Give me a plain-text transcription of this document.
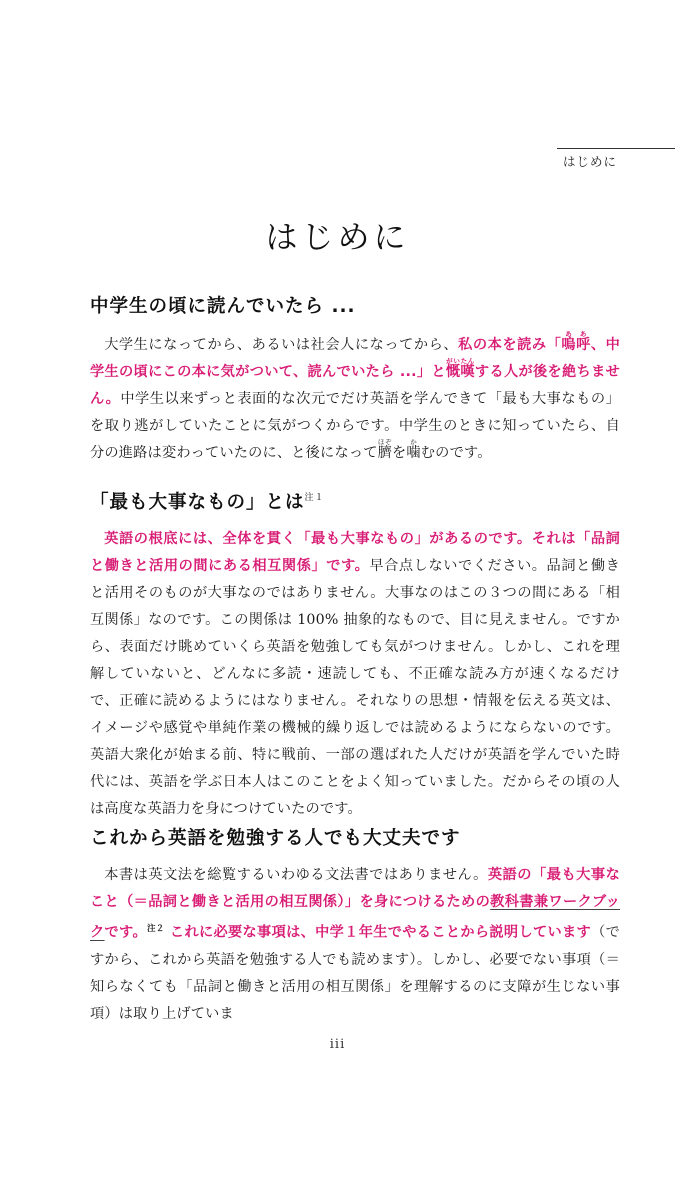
はじめに
はじめに
中学生の頃に読んでいたら ...

大学生になってから、あるいは社会人になってから、私の本を読み「嗚呼ああ、中学生の頃にこの本に気がついて、読んでいたら ...」と慨嘆がいたんする人が後を絶ちません。中学生以来ずっと表面的な次元でだけ英語を学んできて「最も大事なもの」を取り逃がしていたことに気がつくからです。中学生のときに知っていたら、自分の進路は変わっていたのに、と後になって臍ほぞを噛かむのです。

「最も大事なもの」とは$^{注1}$

英語の根底には、全体を貫く「最も大事なもの」があるのです。それは「品詞と働きと活用の間にある相互関係」です。早合点しないでください。品詞と働きと活用そのものが大事なのではありません。大事なのはこの３つの間にある「相互関係」なのです。この関係は 100% 抽象的なもので、目に見えません。ですから、表面だけ眺めていくら英語を勉強しても気がつけません。しかし、これを理解していないと、どんなに多読・速読しても、不正確な読み方が速くなるだけで、正確に読めるようにはなりません。それなりの思想・情報を伝える英文は、イメージや感覚や単純作業の機械的繰り返しでは読めるようにならないのです。英語大衆化が始まる前、特に戦前、一部の選ばれた人だけが英語を学んでいた時代には、英語を学ぶ日本人はこのことをよく知っていました。だからその頃の人は高度な英語力を身につけていたのです。

これから英語を勉強する人でも大丈夫です

本書は英文法を総覧するいわゆる文法書ではありません。英語の「最も大事なこと（＝品詞と働きと活用の相互関係）」を身につけるための教科書兼ワークブックです。$^{注2}$ これに必要な事項は、中学１年生でやることから説明しています（ですから、これから英語を勉強する人でも読めます）。しかし、必要でない事項（＝知らなくても「品詞と働きと活用の相互関係」を理解するのに支障が生じない事項）は取り上げていま

iii
